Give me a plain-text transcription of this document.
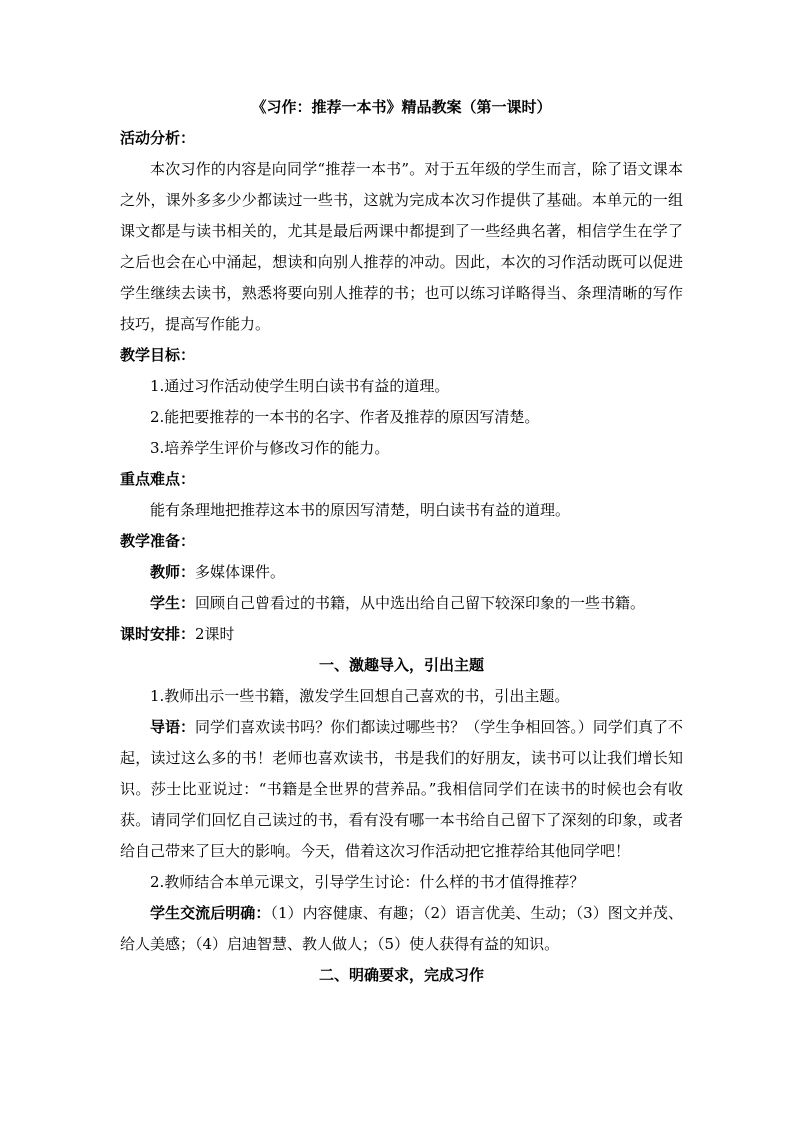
《习作：推荐一本书》精品教案（第一课时）
活动分析：

本次习作的内容是向同学“推荐一本书”。对于五年级的学生而言，除了语文课本之外，课外多多少少都读过一些书，这就为完成本次习作提供了基础。本单元的一组课文都是与读书相关的，尤其是最后两课中都提到了一些经典名著，相信学生在学了之后也会在心中涌起，想读和向别人推荐的冲动。因此，本次的习作活动既可以促进学生继续去读书，熟悉将要向别人推荐的书；也可以练习详略得当、条理清晰的写作技巧，提高写作能力。

教学目标：

1.通过习作活动使学生明白读书有益的道理。

2.能把要推荐的一本书的名字、作者及推荐的原因写清楚。

3.培养学生评价与修改习作的能力。

重点难点：

能有条理地把推荐这本书的原因写清楚，明白读书有益的道理。

教学准备：

教师：多媒体课件。

学生：回顾自己曾看过的书籍，从中选出给自己留下较深印象的一些书籍。

课时安排：2课时

一、激趣导入，引出主题

1.教师出示一些书籍，激发学生回想自己喜欢的书，引出主题。

导语：同学们喜欢读书吗？你们都读过哪些书？（学生争相回答。）同学们真了不起，读过这么多的书！老师也喜欢读书，书是我们的好朋友，读书可以让我们增长知识。莎士比亚说过：“书籍是全世界的营养品。”我相信同学们在读书的时候也会有收获。请同学们回忆自己读过的书，看有没有哪一本书给自己留下了深刻的印象，或者给自己带来了巨大的影响。今天，借着这次习作活动把它推荐给其他同学吧！

2.教师结合本单元课文，引导学生讨论：什么样的书才值得推荐？

学生交流后明确：（1）内容健康、有趣；（2）语言优美、生动；（3）图文并茂、给人美感；（4）启迪智慧、教人做人；（5）使人获得有益的知识。

二、明确要求，完成习作
